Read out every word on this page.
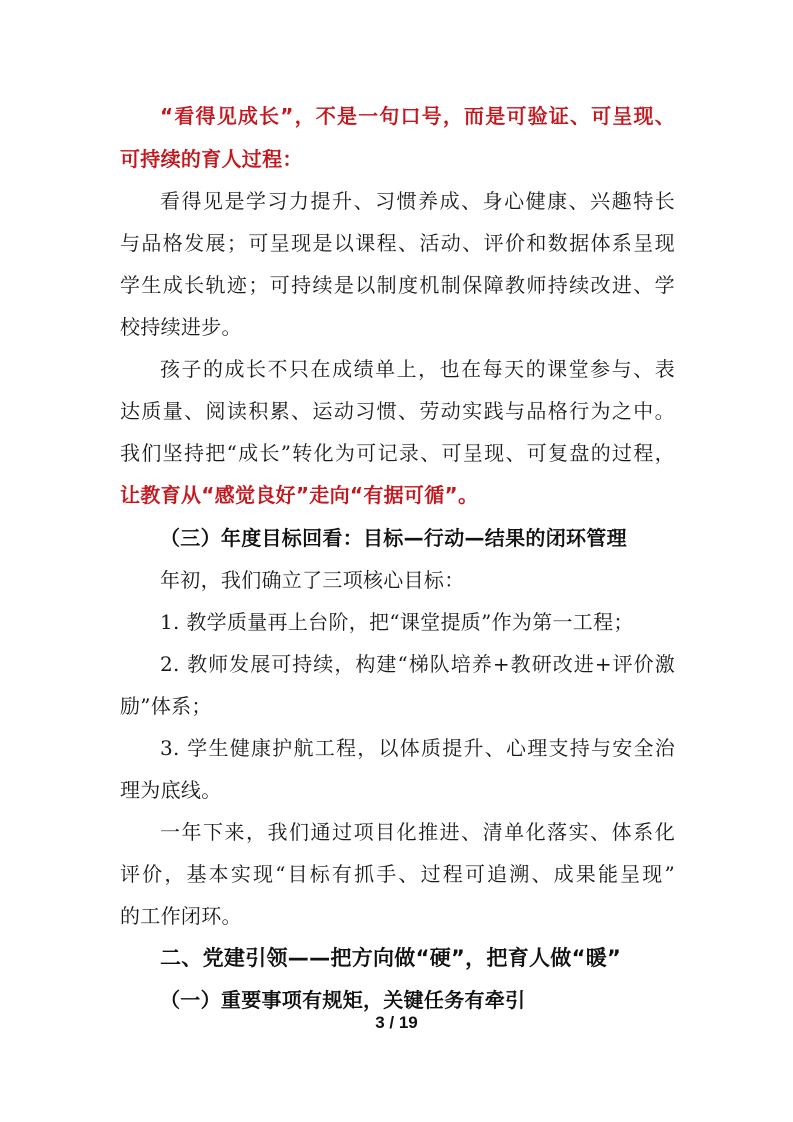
“看得见成长”，不是一句口号，而是可验证、可呈现、
可持续的育人过程：
看得见是学习力提升、习惯养成、身心健康、兴趣特长
与品格发展；可呈现是以课程、活动、评价和数据体系呈现
学生成长轨迹；可持续是以制度机制保障教师持续改进、学
校持续进步。
孩子的成长不只在成绩单上，也在每天的课堂参与、表
达质量、阅读积累、运动习惯、劳动实践与品格行为之中。
我们坚持把“成长”转化为可记录、可呈现、可复盘的过程，
让教育从“感觉良好”走向“有据可循”。
（三）年度目标回看：目标—行动—结果的闭环管理
年初，我们确立了三项核心目标：
1. 教学质量再上台阶，把“课堂提质”作为第一工程；
2. 教师发展可持续，构建“梯队培养+教研改进+评价激
励”体系；
3. 学生健康护航工程，以体质提升、心理支持与安全治
理为底线。
一年下来，我们通过项目化推进、清单化落实、体系化
评价，基本实现“目标有抓手、过程可追溯、成果能呈现”
的工作闭环。
二、党建引领——把方向做“硬”，把育人做“暖”
（一）重要事项有规矩，关键任务有牵引
3 / 19
